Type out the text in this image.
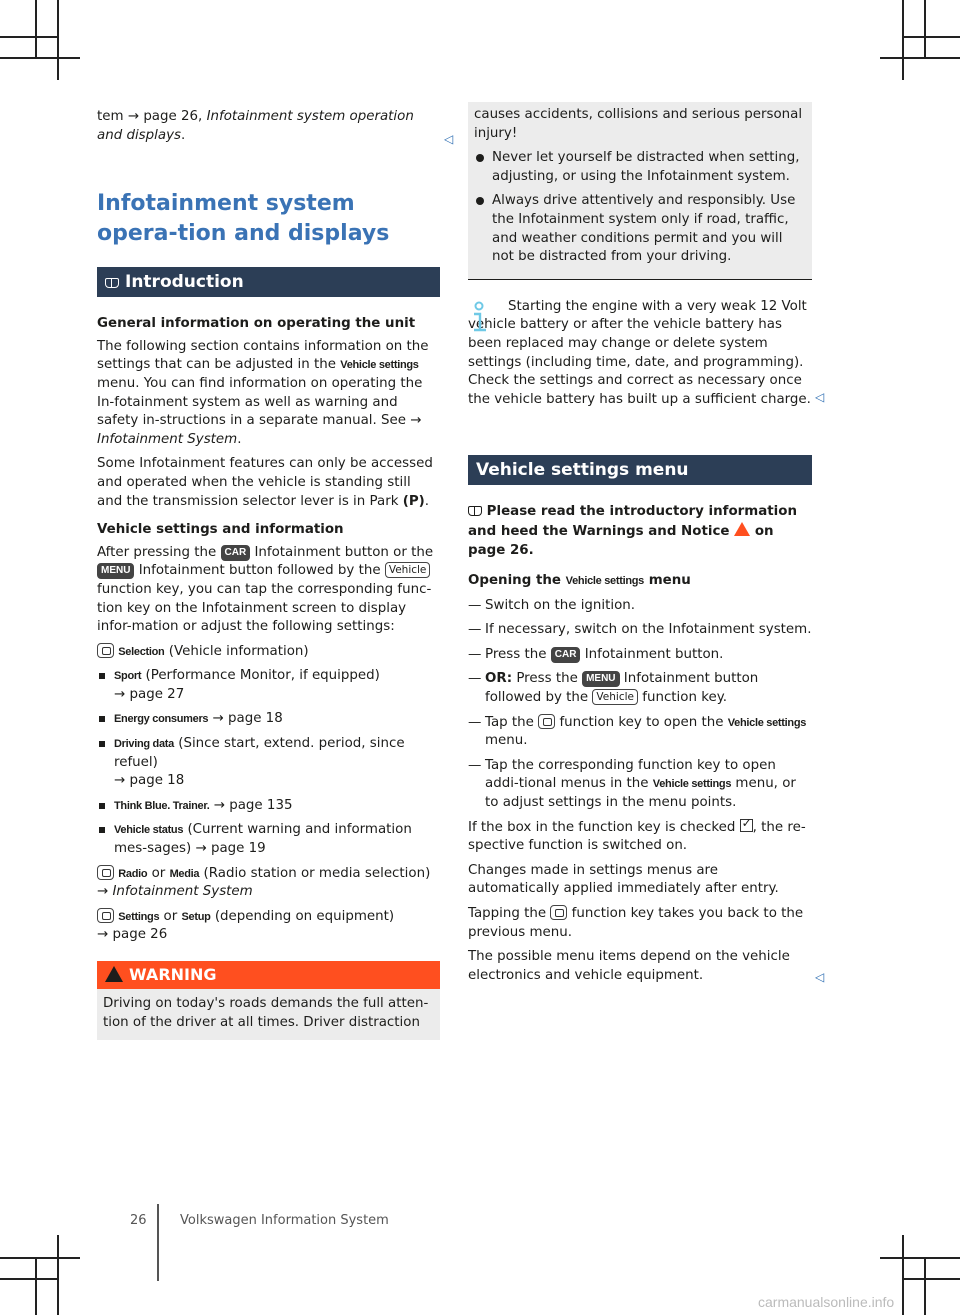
tem → page 26, Infotainment system operation and displays.	◁
Infotainment system opera-tion and displays
Introduction

General information on operating the unit

The following section contains information on the settings that can be adjusted in the Vehicle settings menu. You can find information on operating the In-fotainment system as well as warning and safety in-structions in a separate manual. See → Infotainment System.

Some Infotainment features can only be accessed and operated when the vehicle is standing still and the transmission selector lever is in Park (P).

Vehicle settings and information

After pressing the CAR Infotainment button or the MENU Infotainment button followed by the Vehicle function key, you can tap the corresponding func-tion key on the Infotainment screen to display infor-mation or adjust the following settings:

Selection (Vehicle information)

Sport (Performance Monitor, if equipped)
→ page 27
Energy consumers → page 18
Driving data (Since start, extend. period, since refuel)
→ page 18
Think Blue. Trainer. → page 135
Vehicle status (Current warning and information mes-sages) → page 19

Radio or Media (Radio station or media selection) → Infotainment System

Settings or Setup (depending on equipment)
→ page 26

WARNING

Driving on today's roads demands the full atten-tion of the driver at all times. Driver distraction

causes accidents, collisions and serious personal injury!

Never let yourself be distracted when setting, adjusting, or using the Infotainment system.
Always drive attentively and responsibly. Use the Infotainment system only if road, traffic, and weather conditions permit and you will not be distracted from your driving.

Starting the engine with a very weak 12 Volt vehicle battery or after the vehicle battery has been replaced may change or delete system settings (including time, date, and programming). Check the settings and correct as necessary once the vehicle battery has built up a sufficient charge. ◁
Vehicle settings menu

Please read the introductory information and heed the Warnings and Notice on page 26.

Opening the Vehicle settings menu

— Switch on the ignition.
— If necessary, switch on the Infotainment system.
— Press the CAR Infotainment button.
— OR: Press the MENU Infotainment button followed by the Vehicle function key.
— Tap the function key to open the Vehicle settings menu.
— Tap the corresponding function key to open addi-tional menus in the Vehicle settings menu, or to adjust settings in the menu points.

If the box in the function key is checked ✓ , the re-spective function is switched on.

Changes made in settings menus are automatically applied immediately after entry.

Tapping the function key takes you back to the previous menu.

The possible menu items depend on the vehicle electronics and vehicle equipment.	◁

26	Volkswagen Information System
carmanualsonline.info
